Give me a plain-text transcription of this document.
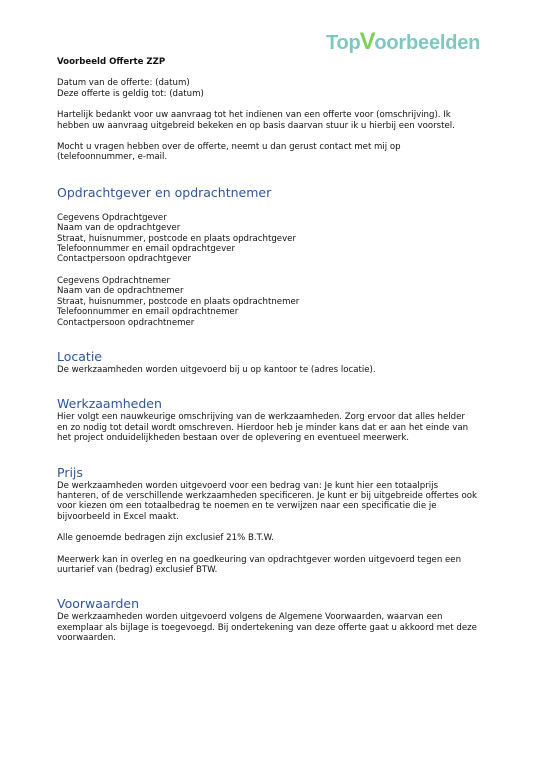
Top V oorbeelden

Voorbeeld Offerte ZZP

Datum van de offerte: (datum)

Deze offerte is geldig tot: (datum)

Hartelijk bedankt voor uw aanvraag tot het indienen van een offerte voor (omschrijving). Ik hebben uw aanvraag uitgebreid bekeken en op basis daarvan stuur ik u hierbij een voorstel.

Mocht u vragen hebben over de offerte, neemt u dan gerust contact met mij op (telefoonnummer, e-mail.

Opdrachtgever en opdrachtnemer

Cegevens Opdrachtgever

Naam van de opdrachtgever

Straat, huisnummer, postcode en plaats opdrachtgever

Telefoonnummer en email opdrachtgever

Contactpersoon opdrachtgever

Cegevens Opdrachtnemer

Naam van de opdrachtnemer

Straat, huisnummer, postcode en plaats opdrachtnemer

Telefoonnummer en email opdrachtnemer

Contactpersoon opdrachtnemer

Locatie

De werkzaamheden worden uitgevoerd bij u op kantoor te (adres locatie).

Werkzaamheden

Hier volgt een nauwkeurige omschrijving van de werkzaamheden. Zorg ervoor dat alles helder en zo nodig tot detail wordt omschreven. Hierdoor heb je minder kans dat er aan het einde van het project onduidelijkheden bestaan over de oplevering en eventueel meerwerk.

Prijs

De werkzaamheden worden uitgevoerd voor een bedrag van: Je kunt hier een totaalprijs hanteren, of de verschillende werkzaamheden specificeren. Je kunt er bij uitgebreide offertes ook voor kiezen om een totaalbedrag te noemen en te verwijzen naar een specificatie die je bijvoorbeeld in Excel maakt.

Alle genoemde bedragen zijn exclusief 21% B.T.W.

Meerwerk kan in overleg en na goedkeuring van opdrachtgever worden uitgevoerd tegen een uurtarief van (bedrag) exclusief BTW.

Voorwaarden

De werkzaamheden worden uitgevoerd volgens de Algemene Voorwaarden, waarvan een exemplaar als bijlage is toegevoegd. Bij ondertekening van deze offerte gaat u akkoord met deze voorwaarden.
